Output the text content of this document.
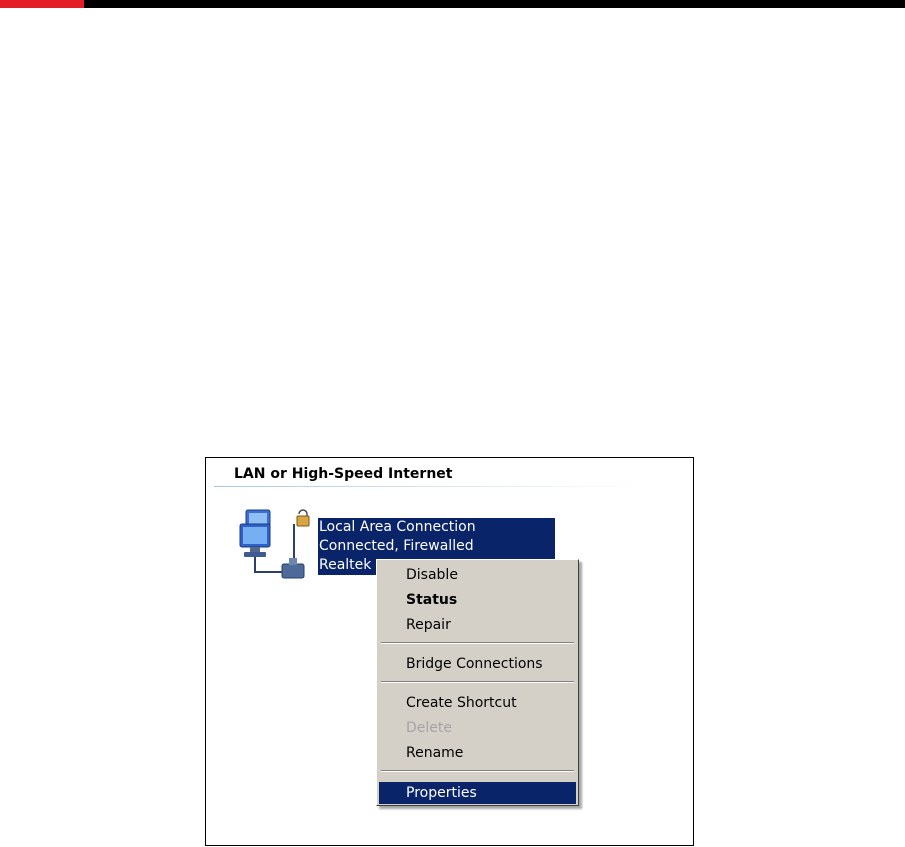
LAN or High-Speed Internet
Local Area Connection
Connected, Firewalled
Realtek
Disable
Status
Repair
Bridge Connections
Create Shortcut
Delete
Rename
Properties
